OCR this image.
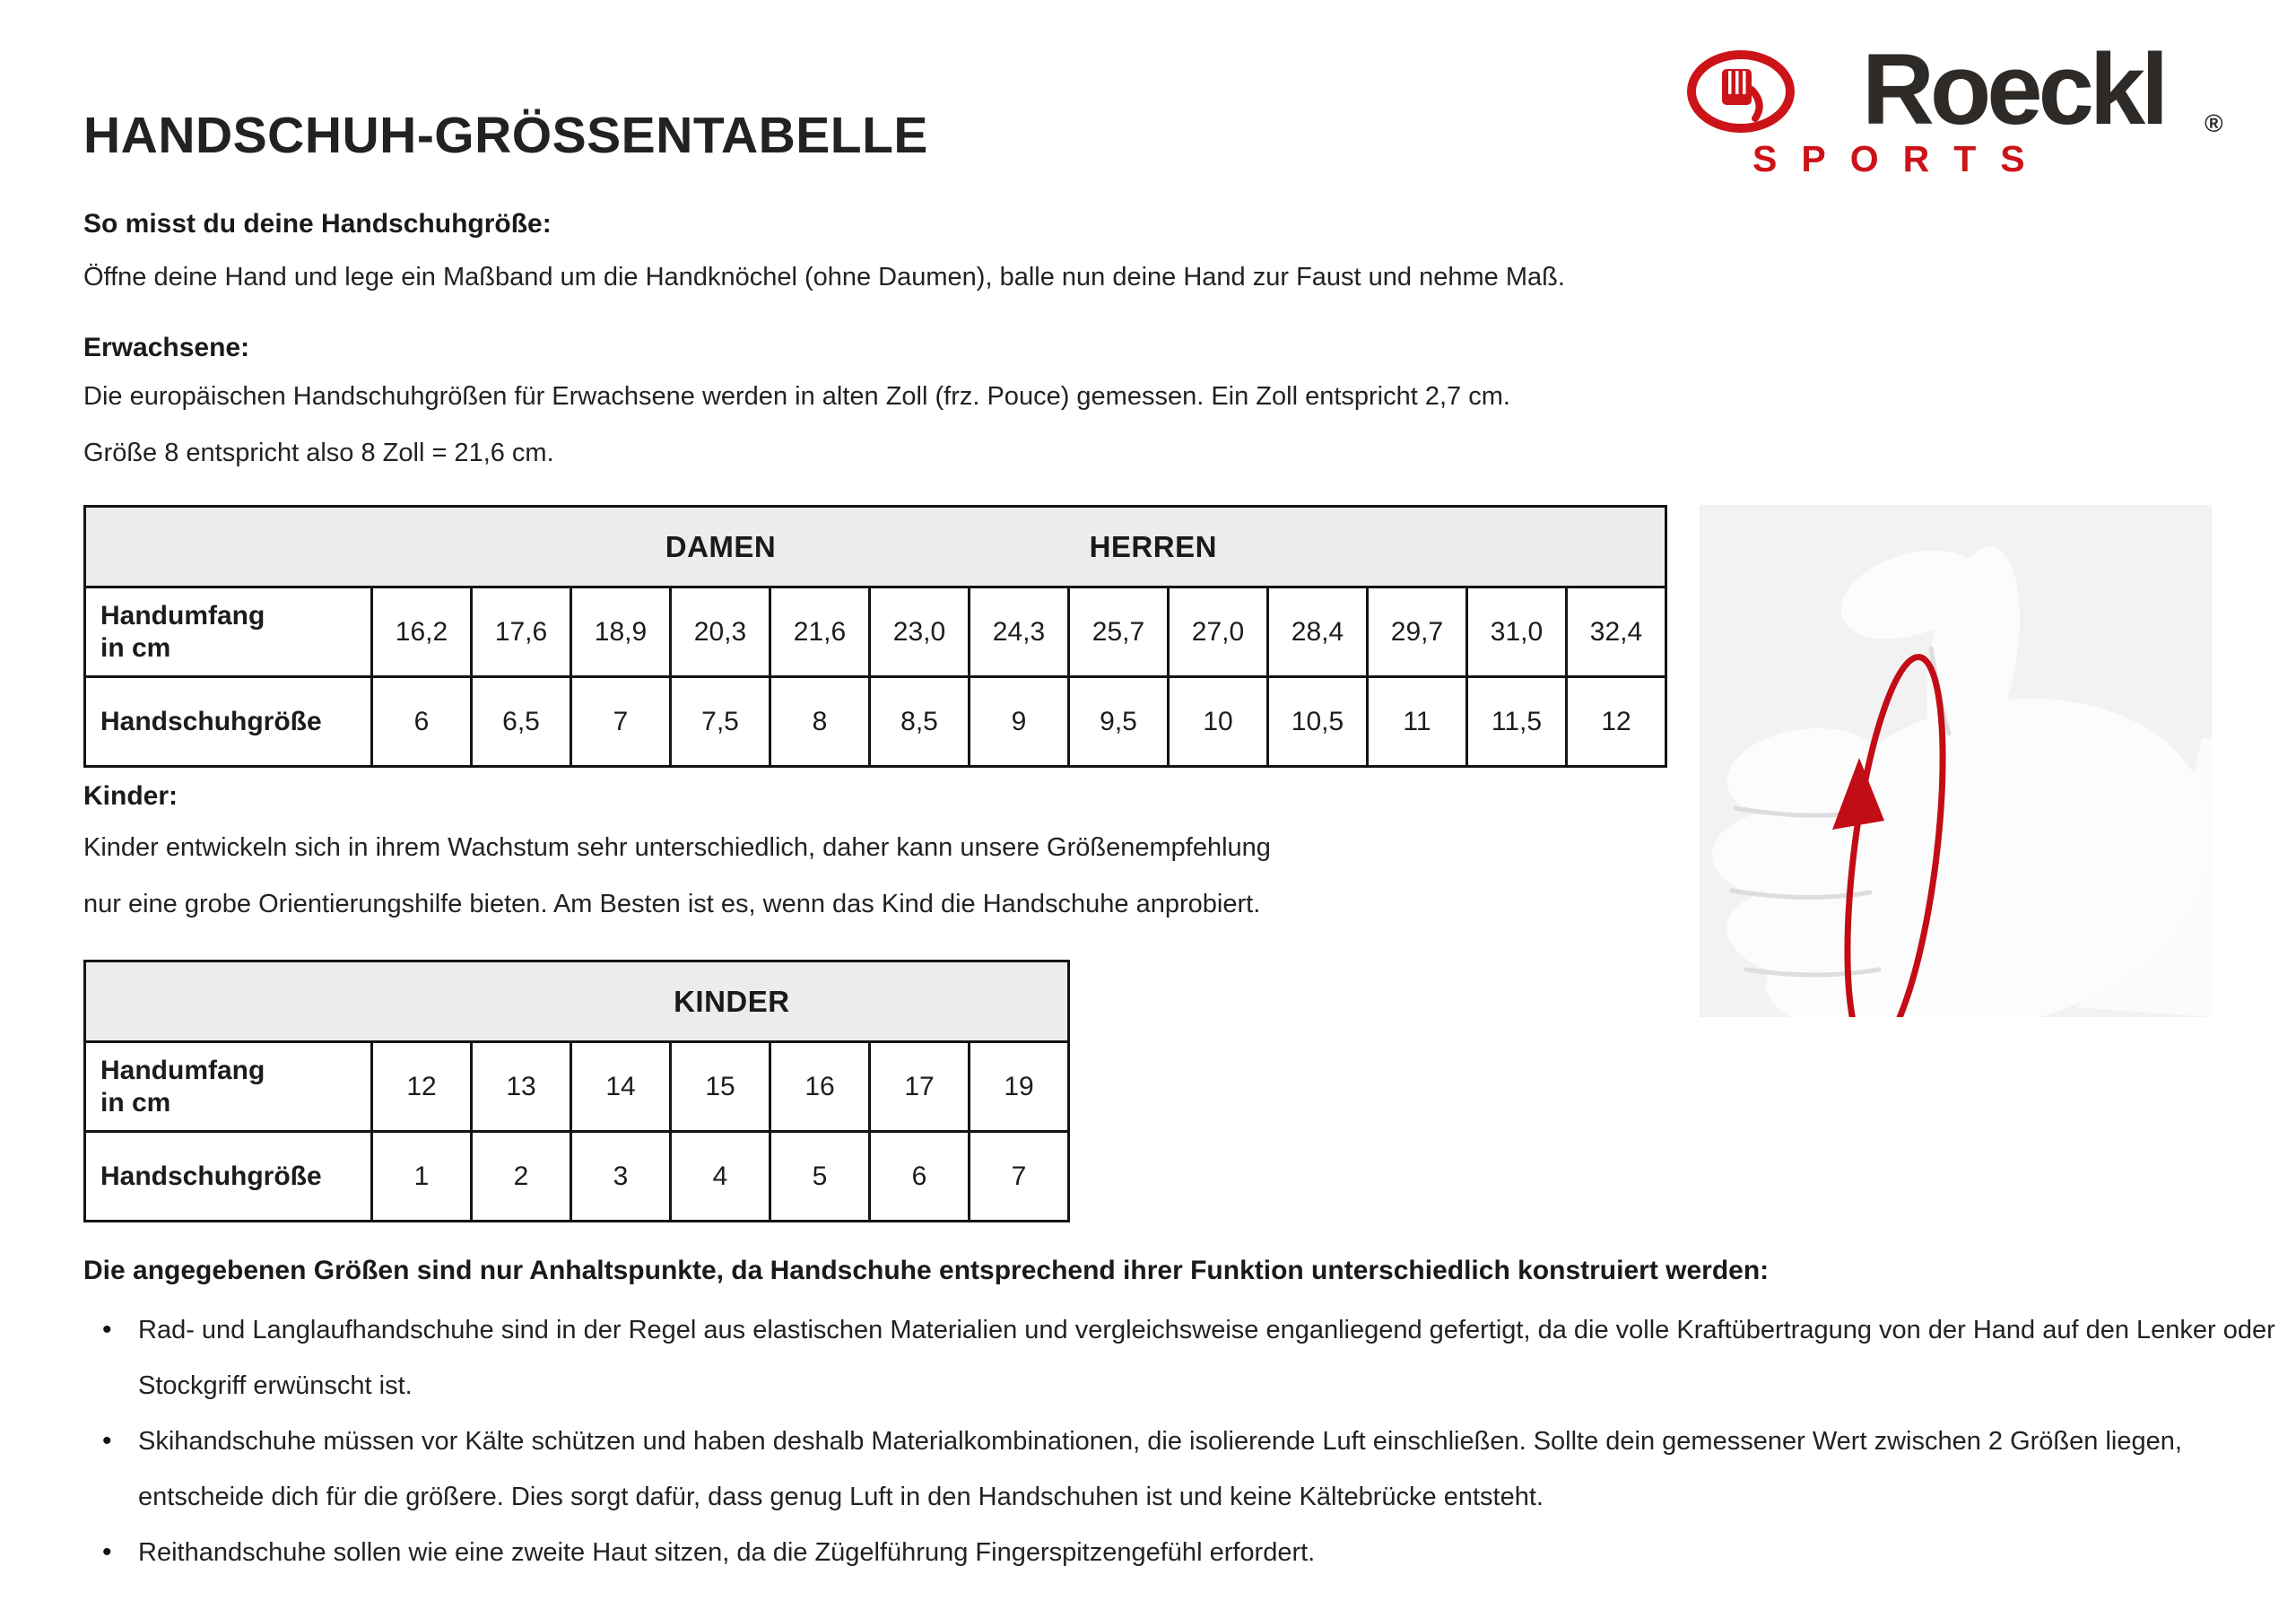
HANDSCHUH-GRÖSSENTABELLE	Roeckl ®
SPORTS
So misst du deine Handschuhgröße:
Öffne deine Hand und lege ein Maßband um die Handknöchel (ohne Daumen), balle nun deine Hand zur Faust und nehme Maß.
Erwachsene:
Die europäischen Handschuhgrößen für Erwachsene werden in alten Zoll (frz. Pouce) gemessen. Ein Zoll entspricht 2,7 cm.
Größe 8 entspricht also 8 Zoll = 21,6 cm.
DAMEN HERREN													

Handumfang
in cm	16,2	17,6	18,9	20,3	21,6	23,0	24,3	25,7	27,0	28,4	29,7	31,0	32,4
Handschuhgröße	6	6,5	7	7,5	8	8,5	9	9,5	10	10,5	11	11,5	12
Kinder:
Kinder entwickeln sich in ihrem Wachstum sehr unterschiedlich, daher kann unsere Größenempfehlung
nur eine grobe Orientierungshilfe bieten. Am Besten ist es, wenn das Kind die Handschuhe anprobiert.
KINDER							

Handumfang
in cm	12	13	14	15	16	17	19
Handschuhgröße	1	2	3	4	5	6	7
Die angegebenen Größen sind nur Anhaltspunkte, da Handschuhe entsprechend ihrer Funktion unterschiedlich konstruiert werden:
•	Rad- und Langlaufhandschuhe sind in der Regel aus elastischen Materialien und vergleichsweise enganliegend gefertigt, da die volle Kraftübertragung von der Hand auf den Lenker oder Stockgriff erwünscht ist.
•	Skihandschuhe müssen vor Kälte schützen und haben deshalb Materialkombinationen, die isolierende Luft einschließen. Sollte dein gemessener Wert zwischen 2 Größen liegen, entscheide dich für die größere. Dies sorgt dafür, dass genug Luft in den Handschuhen ist und keine Kältebrücke entsteht.
•	Reithandschuhe sollen wie eine zweite Haut sitzen, da die Zügelführung Fingerspitzengefühl erfordert.
